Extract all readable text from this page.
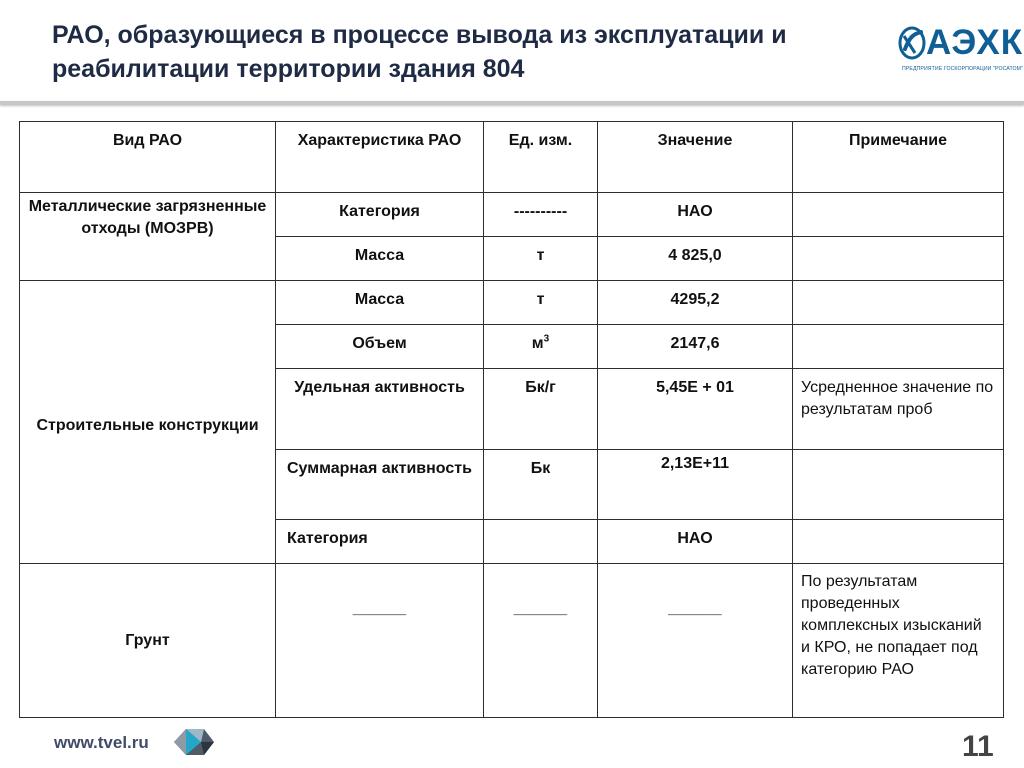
РАО, образующиеся в процессе вывода из эксплуатации и
реабилитации территории здания 804
АЭХК
ПРЕДПРИЯТИЕ ГОСКОРПОРАЦИИ "РОСАТОМ"
Вид РАО	Характеристика РАО	Ед. изм.	Значение	Примечание
Металлические загрязненные отходы (МОЗРВ)	Категория	----------	НАО	
	Масса	т	4 825,0	
Строительные конструкции	Масса	т	4295,2	
	Объем	$м^3$	2147,6	
	Удельная активность	Бк/г	5,45Е + 01	Усредненное значение по результатам проб
	Суммарная активность	Бк	2,13Е+11	
	Категория		НАО	
Грунт	______	______	______	По результатам проведенных комплексных изысканий и КРО, не попадает под категорию РАО
www.tvel.ru	11
